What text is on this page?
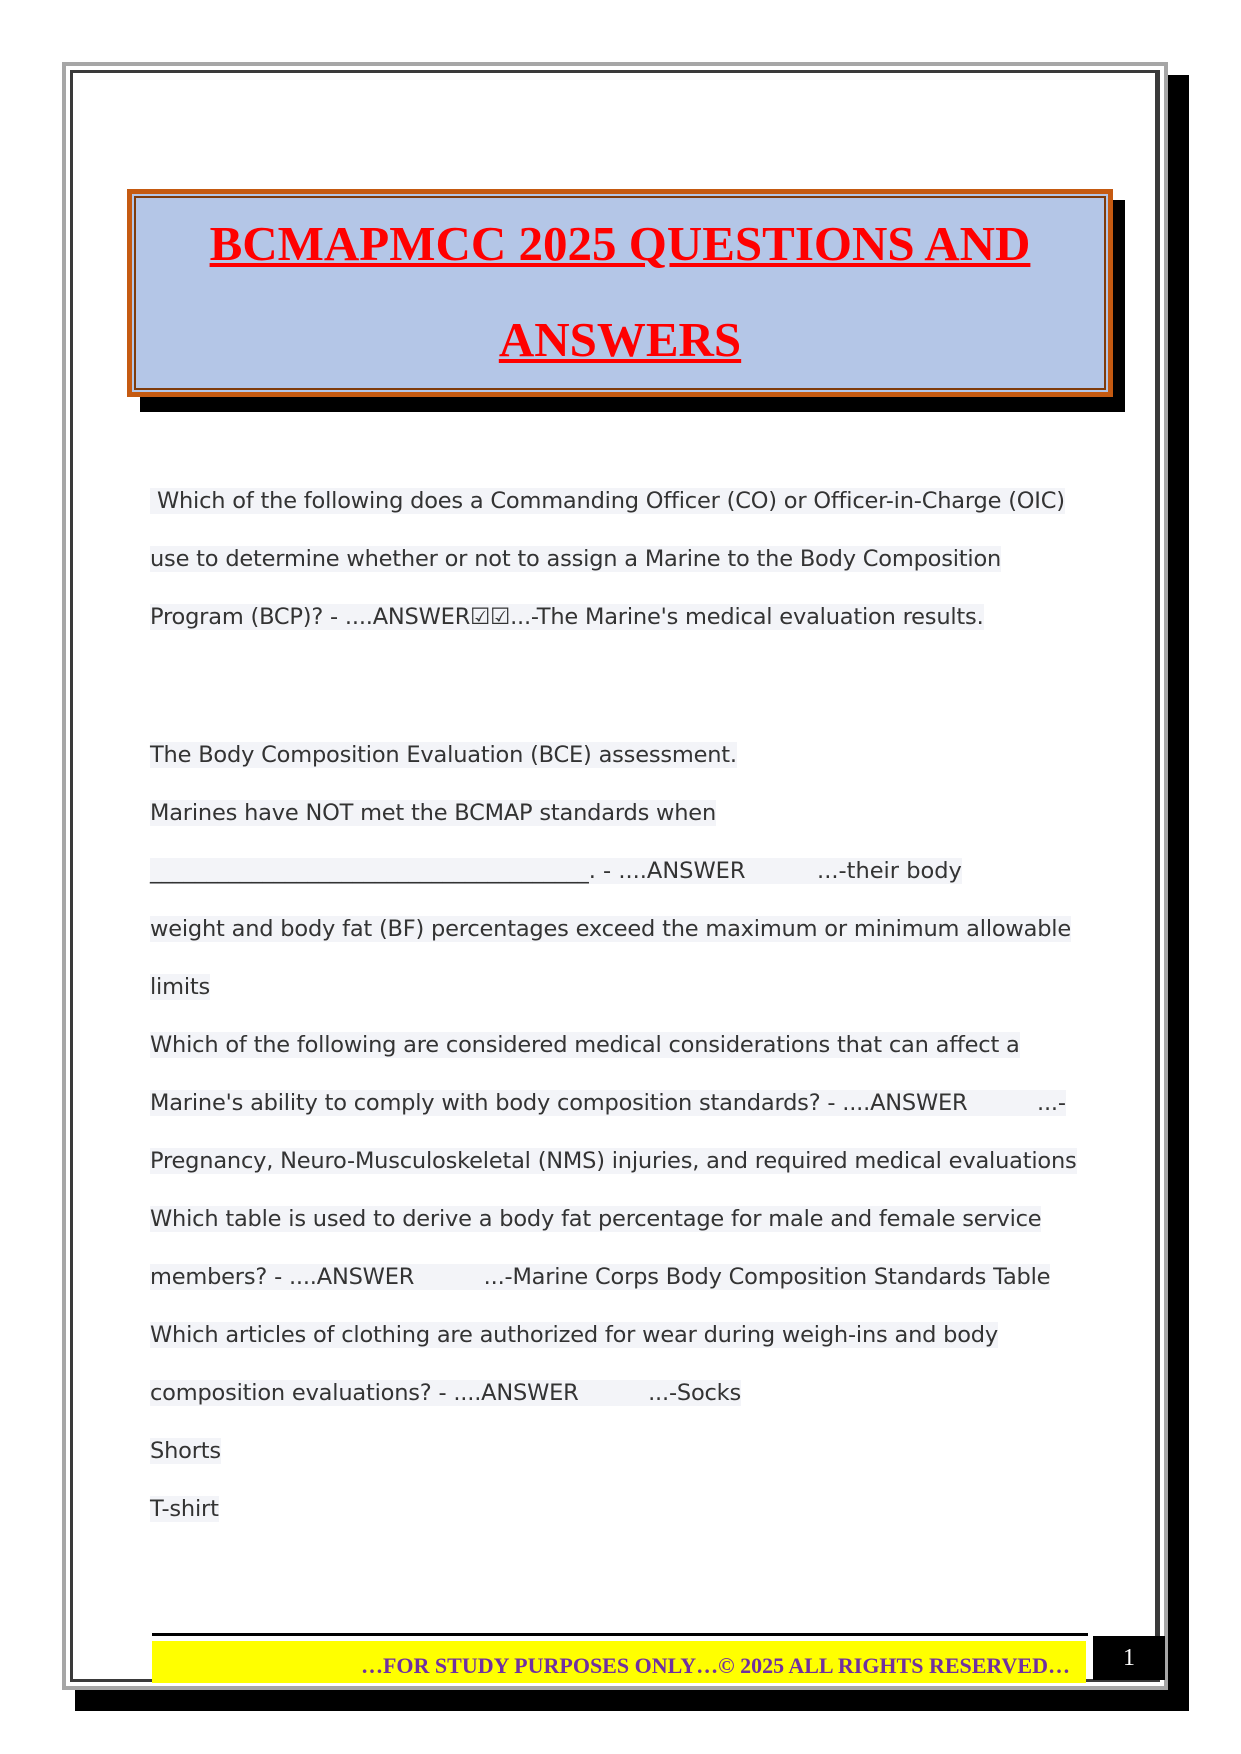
BCMAPMCC 2025 QUESTIONS AND

ANSWERS

Which of the following does a Commanding Officer (CO) or Officer-in-Charge (OIC)
use to determine whether or not to assign a Marine to the Body Composition
Program (BCP)? - ....ANSWER☑☑...-The Marine's medical evaluation results.
The Body Composition Evaluation (BCE) assessment.
Marines have NOT met the BCMAP standards when
_______________________________________. - ....ANSWER          ...-their body
weight and body fat (BF) percentages exceed the maximum or minimum allowable
limits
Which of the following are considered medical considerations that can affect a
Marine's ability to comply with body composition standards? - ....ANSWER          ...-
Pregnancy, Neuro-Musculoskeletal (NMS) injuries, and required medical evaluations
Which table is used to derive a body fat percentage for male and female service
members? - ....ANSWER          ...-Marine Corps Body Composition Standards Table
Which articles of clothing are authorized for wear during weigh-ins and body
composition evaluations? - ....ANSWER          ...-Socks
Shorts
T-shirt
…FOR STUDY PURPOSES ONLY…© 2025 ALL RIGHTS RESERVED…	1
